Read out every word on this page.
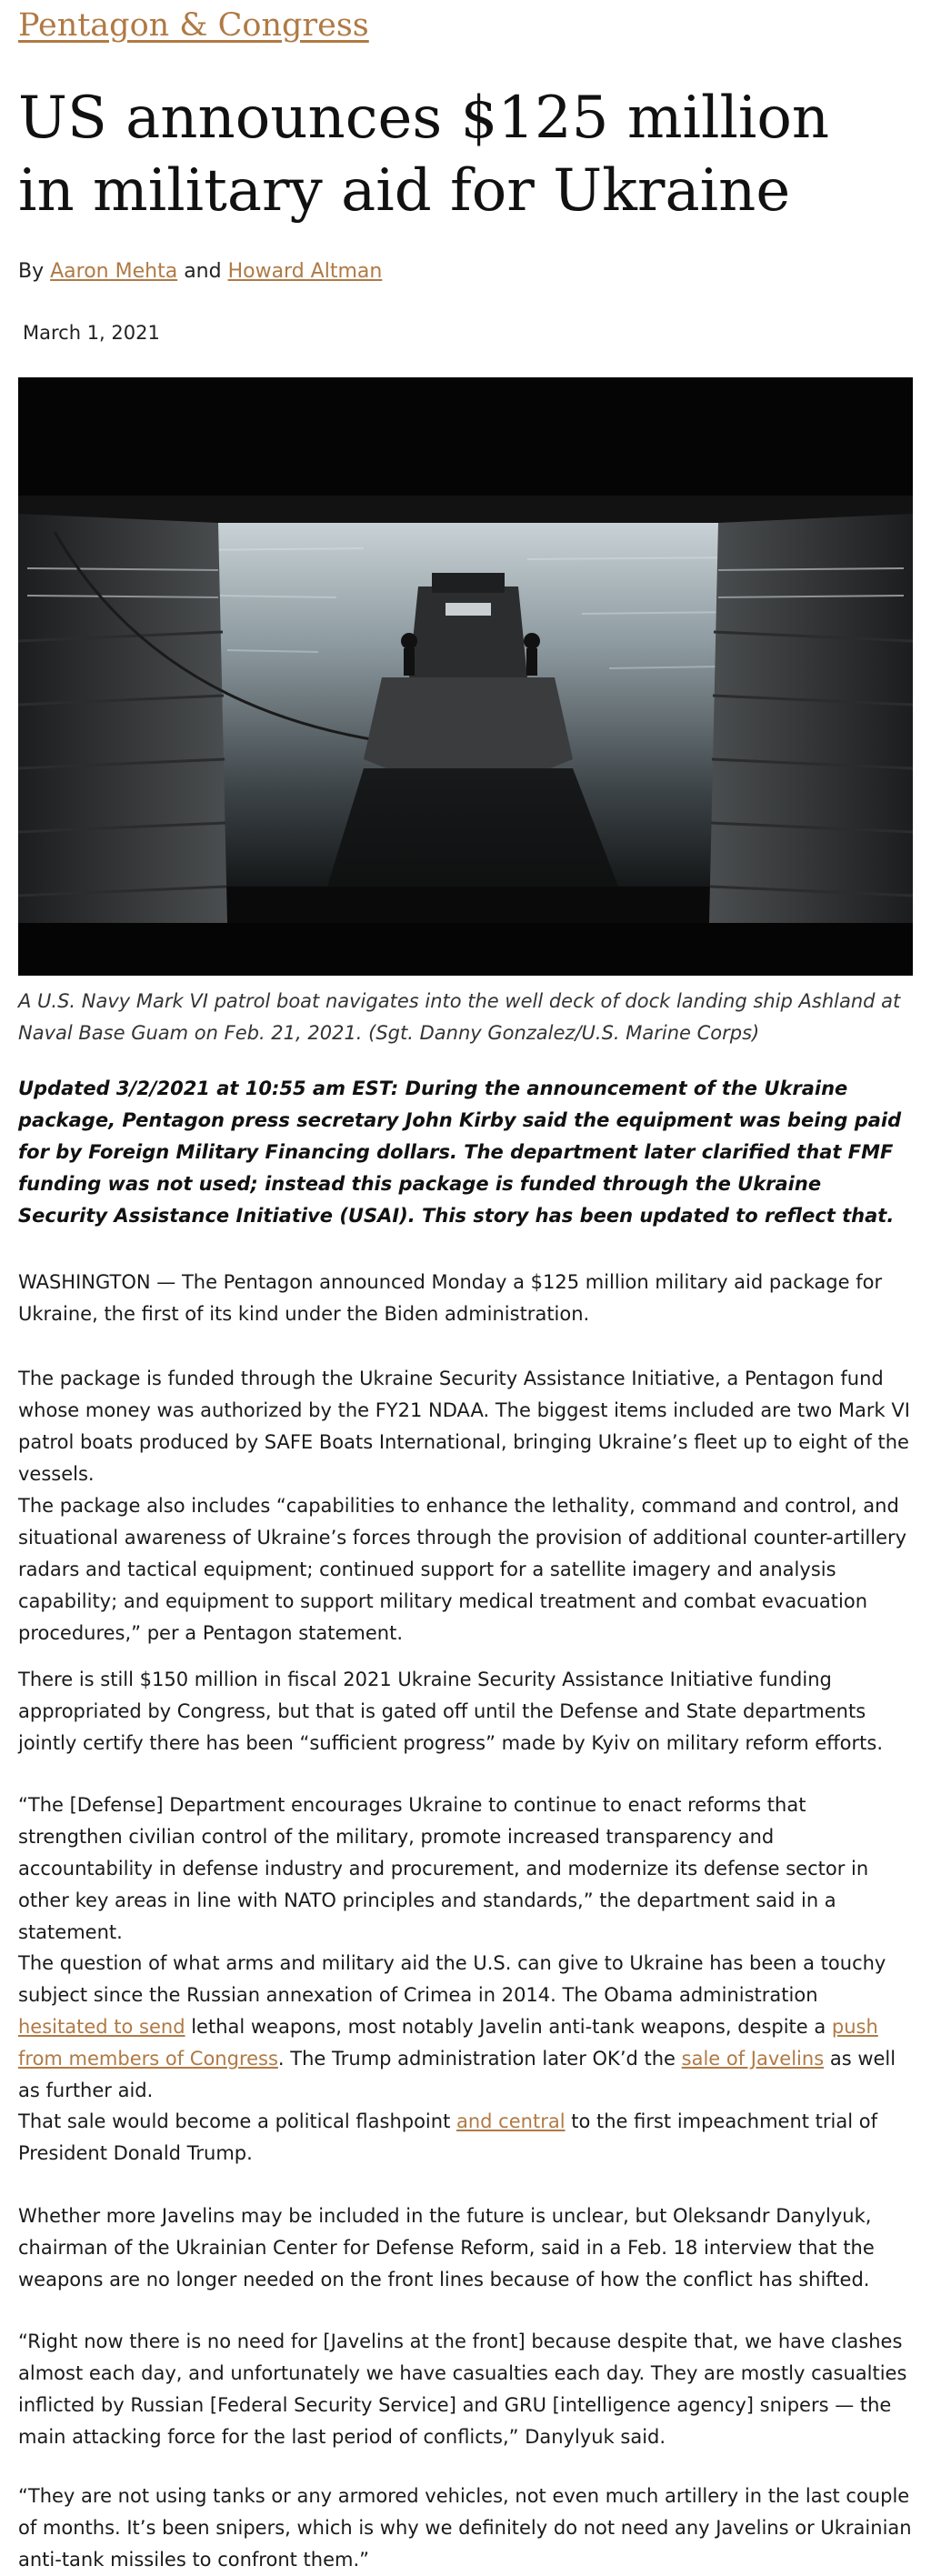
Pentagon & Congress
US announces $125 million in military aid for Ukraine
By Aaron Mehta and Howard Altman
March 1, 2021
A U.S. Navy Mark VI patrol boat navigates into the well deck of dock landing ship Ashland at Naval Base Guam on Feb. 21, 2021. (Sgt. Danny Gonzalez/U.S. Marine Corps)
Updated 3/2/2021 at 10:55 am EST: During the announcement of the Ukraine package, Pentagon press secretary John Kirby said the equipment was being paid for by Foreign Military Financing dollars. The department later clarified that FMF funding was not used; instead this package is funded through the Ukraine Security Assistance Initiative (USAI). This story has been updated to reflect that.

WASHINGTON — The Pentagon announced Monday a $125 million military aid package for Ukraine, the first of its kind under the Biden administration.

The package is funded through the Ukraine Security Assistance Initiative, a Pentagon fund whose money was authorized by the FY21 NDAA. The biggest items included are two Mark VI patrol boats produced by SAFE Boats International, bringing Ukraine’s fleet up to eight of the vessels.

The package also includes “capabilities to enhance the lethality, command and control, and situational awareness of Ukraine’s forces through the provision of additional counter-artillery radars and tactical equipment; continued support for a satellite imagery and analysis capability; and equipment to support military medical treatment and combat evacuation procedures,” per a Pentagon statement.

There is still $150 million in fiscal 2021 Ukraine Security Assistance Initiative funding appropriated by Congress, but that is gated off until the Defense and State departments jointly certify there has been “sufficient progress” made by Kyiv on military reform efforts.

“The [Defense] Department encourages Ukraine to continue to enact reforms that strengthen civilian control of the military, promote increased transparency and accountability in defense industry and procurement, and modernize its defense sector in other key areas in line with NATO principles and standards,” the department said in a statement.

The question of what arms and military aid the U.S. can give to Ukraine has been a touchy subject since the Russian annexation of Crimea in 2014. The Obama administration hesitated to send lethal weapons, most notably Javelin anti-tank weapons, despite a push from members of Congress. The Trump administration later OK’d the sale of Javelins as well as further aid.

That sale would become a political flashpoint and central to the first impeachment trial of President Donald Trump.

Whether more Javelins may be included in the future is unclear, but Oleksandr Danylyuk, chairman of the Ukrainian Center for Defense Reform, said in a Feb. 18 interview that the weapons are no longer needed on the front lines because of how the conflict has shifted.

“Right now there is no need for [Javelins at the front] because despite that, we have clashes almost each day, and unfortunately we have casualties each day. They are mostly casualties inflicted by Russian [Federal Security Service] and GRU [intelligence agency] snipers — the main attacking force for the last period of conflicts,” Danylyuk said.

“They are not using tanks or any armored vehicles, not even much artillery in the last couple of months. It’s been snipers, which is why we definitely do not need any Javelins or Ukrainian anti-tank missiles to confront them.”
